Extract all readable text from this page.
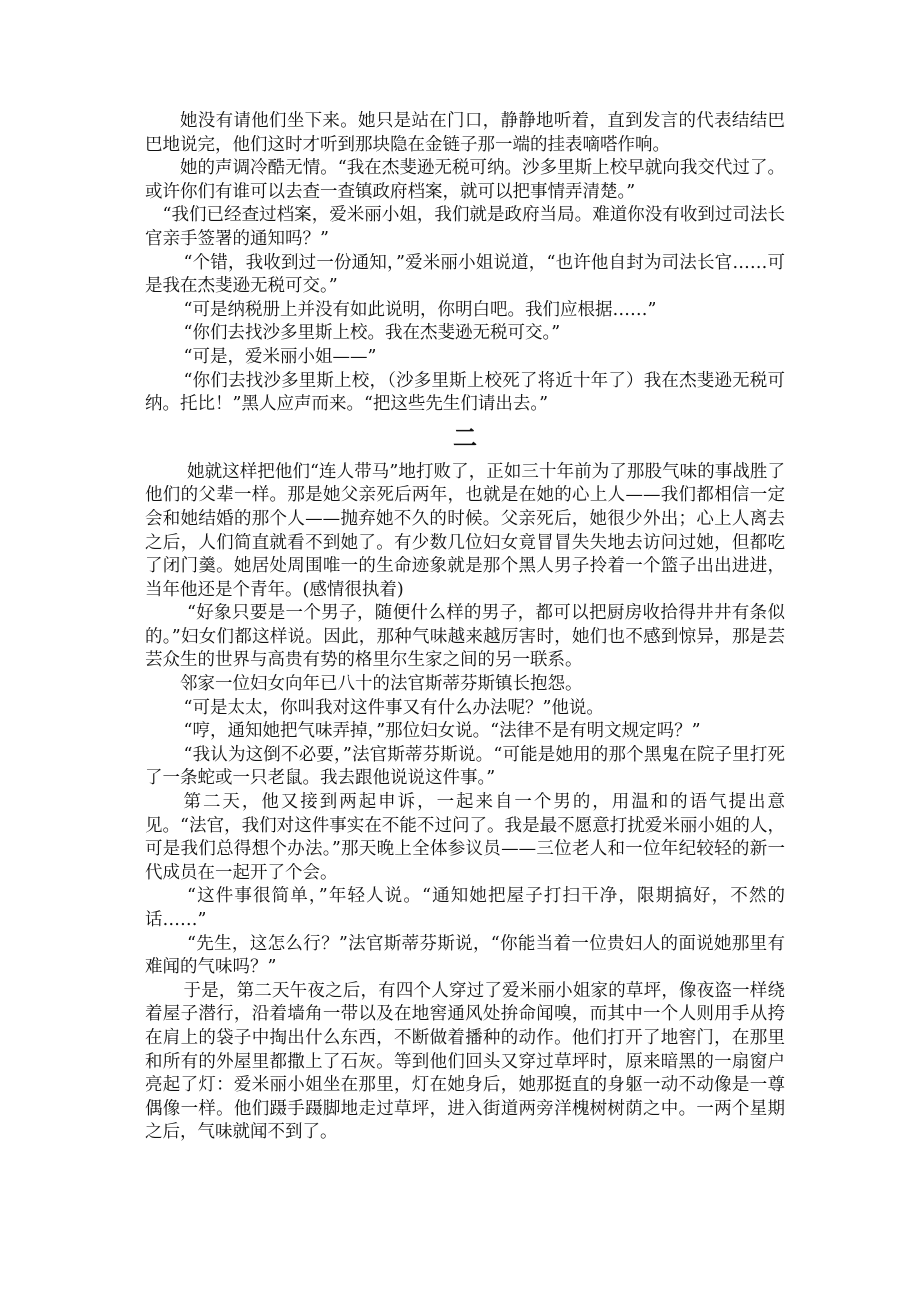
她没有请他们坐下来。她只是站在门口，静静地听着，直到发言的代表结结巴巴地说完，他们这时才听到那块隐在金链子那一端的挂表嘀嗒作响。

她的声调冷酷无情。“我在杰斐逊无税可纳。沙多里斯上校早就向我交代过了。或许你们有谁可以去查一查镇政府档案，就可以把事情弄清楚。”

“我们已经查过档案，爱米丽小姐，我们就是政府当局。难道你没有收到过司法长官亲手签署的通知吗？”

“个错，我收到过一份通知，”爱米丽小姐说道，“也许他自封为司法长官……可是我在杰斐逊无税可交。”

“可是纳税册上并没有如此说明，你明白吧。我们应根据……”

“你们去找沙多里斯上校。我在杰斐逊无税可交。”

“可是，爱米丽小姐——”

“你们去找沙多里斯上校，（沙多里斯上校死了将近十年了）我在杰斐逊无税可纳。托比！”黑人应声而来。“把这些先生们请出去。”

二

她就这样把他们“连人带马”地打败了，正如三十年前为了那股气味的事战胜了他们的父辈一样。那是她父亲死后两年，也就是在她的心上人——我们都相信一定会和她结婚的那个人——抛弃她不久的时候。父亲死后，她很少外出；心上人离去之后，人们简直就看不到她了。有少数几位妇女竟冒冒失失地去访问过她，但都吃了闭门羹。她居处周围唯一的生命迹象就是那个黑人男子拎着一个篮子出出进进，当年他还是个青年。(感情很执着)

“好象只要是一个男子，随便什么样的男子，都可以把厨房收拾得井井有条似的。”妇女们都这样说。因此，那种气味越来越厉害时，她们也不感到惊异，那是芸芸众生的世界与高贵有势的格里尔生家之间的另一联系。

邻家一位妇女向年已八十的法官斯蒂芬斯镇长抱怨。

“可是太太，你叫我对这件事又有什么办法呢？”他说。

“哼，通知她把气味弄掉，”那位妇女说。“法律不是有明文规定吗？”

“我认为这倒不必要，”法官斯蒂芬斯说。“可能是她用的那个黑鬼在院子里打死了一条蛇或一只老鼠。我去跟他说说这件事。”

第二天，他又接到两起申诉，一起来自一个男的，用温和的语气提出意见。“法官，我们对这件事实在不能不过问了。我是最不愿意打扰爱米丽小姐的人，可是我们总得想个办法。”那天晚上全体参议员——三位老人和一位年纪较轻的新一代成员在一起开了个会。

“这件事很简单，”年轻人说。“通知她把屋子打扫干净，限期搞好，不然的话……”

“先生，这怎么行？”法官斯蒂芬斯说，“你能当着一位贵妇人的面说她那里有难闻的气味吗？”

于是，第二天午夜之后，有四个人穿过了爱米丽小姐家的草坪，像夜盗一样绕着屋子潜行，沿着墙角一带以及在地窖通风处拚命闻嗅，而其中一个人则用手从挎在肩上的袋子中掏出什么东西，不断做着播种的动作。他们打开了地窖门，在那里和所有的外屋里都撒上了石灰。等到他们回头又穿过草坪时，原来暗黑的一扇窗户亮起了灯：爱米丽小姐坐在那里，灯在她身后，她那挺直的身躯一动不动像是一尊偶像一样。他们蹑手蹑脚地走过草坪，进入街道两旁洋槐树树荫之中。一两个星期之后，气味就闻不到了。
